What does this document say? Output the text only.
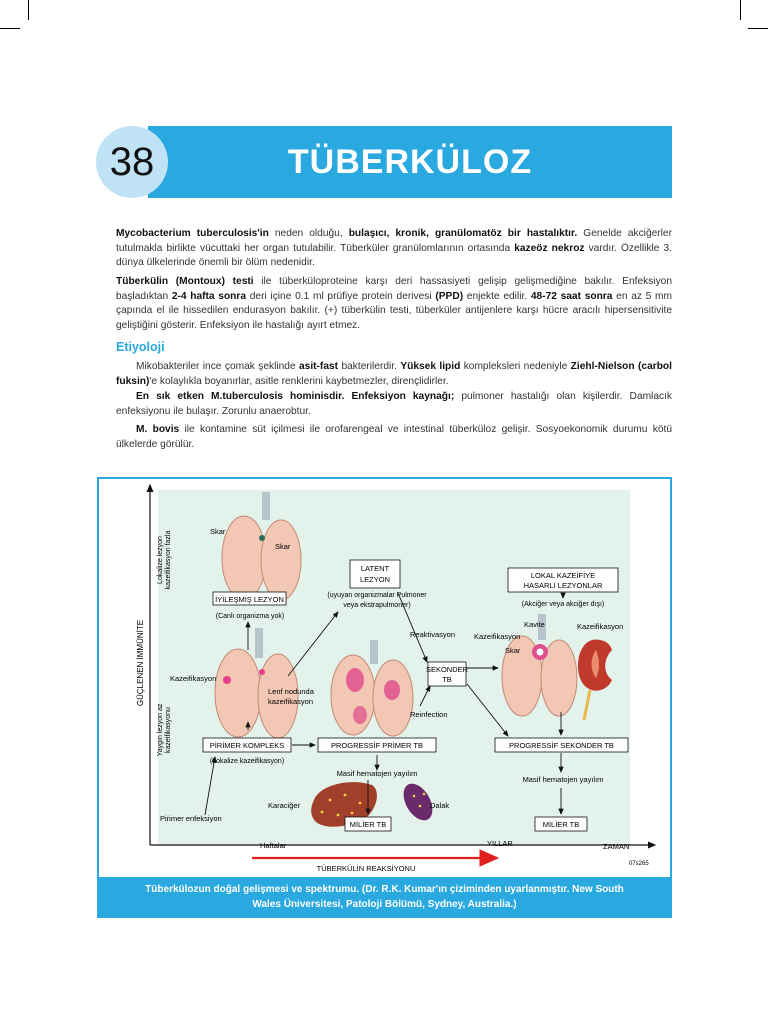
TÜBERKÜLOZ
38
Mycobacterium tuberculosis'in neden olduğu, bulaşıcı, kronik, granülomatöz bir hastalıktır. Genelde akciğerler tutulmakla birlikte vücuttaki her organ tutulabilir. Tüberküler granülomlarının ortasında kazeöz nekroz vardır. Özellikle 3. dünya ülkelerinde önemli bir ölüm nedenidir.
Tüberkülin (Montoux) testi ile tüberküloproteine karşı deri hassasiyeti gelişip gelişmediğine bakılır. Enfeksiyon başladıktan 2-4 hafta sonra deri içine 0.1 ml prüfiye protein derivesi (PPD) enjekte edilir. 48-72 saat sonra en az 5 mm çapında el ile hissedilen endurasyon bakılır. (+) tüberkülin testi, tüberküler antijenlere karşı hücre aracılı hipersensitivite geliştiğini gösterir. Enfeksiyon ile hastalığı ayırt etmez.
Etiyoloji
Mikobakteriler ince çomak şeklinde asit-fast bakterilerdir. Yüksek lipid kompleksleri nedeniyle Ziehl-Nielson (carbol fuksin)'e kolaylıkla boyanırlar, asitle renklerini kaybetmezler, dirençlidirler.
En sık etken M.tuberculosis hominisdir. Enfeksiyon kaynağı; pulmoner hastalığı olan kişilerdir. Damlacık enfeksiyonu ile bulaşır. Zorunlu anaerobtur.
M. bovis ile kontamine süt içilmesi ile orofarengeal ve intestinal tüberküloz gelişir. Sosyoekonomik durumu kötü ülkelerde görülür.
GÜÇLENEN İMMÜNİTE
Lokalize lezyon kazeifikasyon fazla
Yaygın lezyon az kazeifikasyonu
Skar
Skar
İYİLEŞMİŞ LEZYON
(Canlı organizma yok)
LATENT
LEZYON
(uyuyan organizmalar Pulmoner
veya ekstrapulmoner)
LOKAL KAZEİFİYE
HASARLI LEZYONLAR
(Akciğer veya akciğer dışı)
Kazeifikasyon
Lenf nodunda
kazeifikasyon
SEKONDER
TB
Reaktivasyon
Reinfection
Kavite
Kazeifikasyon
Skar
Kazeifikasyon
PİRİMER KOMPLEKS
(Lokalize kazeifikasyon)
PROGRESSİF PRİMER TB	PROGRESSİF SEKONDER TB
Masif hematojen yayılım
Masif hematojen yayılım
Karaciğer	Dalak
MİLİER TB	MİLİER TB
Pirimer enfeksiyon
Haftalar	YILLAR	ZAMAN
07s265
TÜBERKÜLİN REAKSİYONU
Tüberkülozun doğal gelişmesi ve spektrumu. (Dr. R.K. Kumar'ın çiziminden uyarlanmıştır. New South
Wales Üniversitesi, Patoloji Bölümü, Sydney, Australia.)
